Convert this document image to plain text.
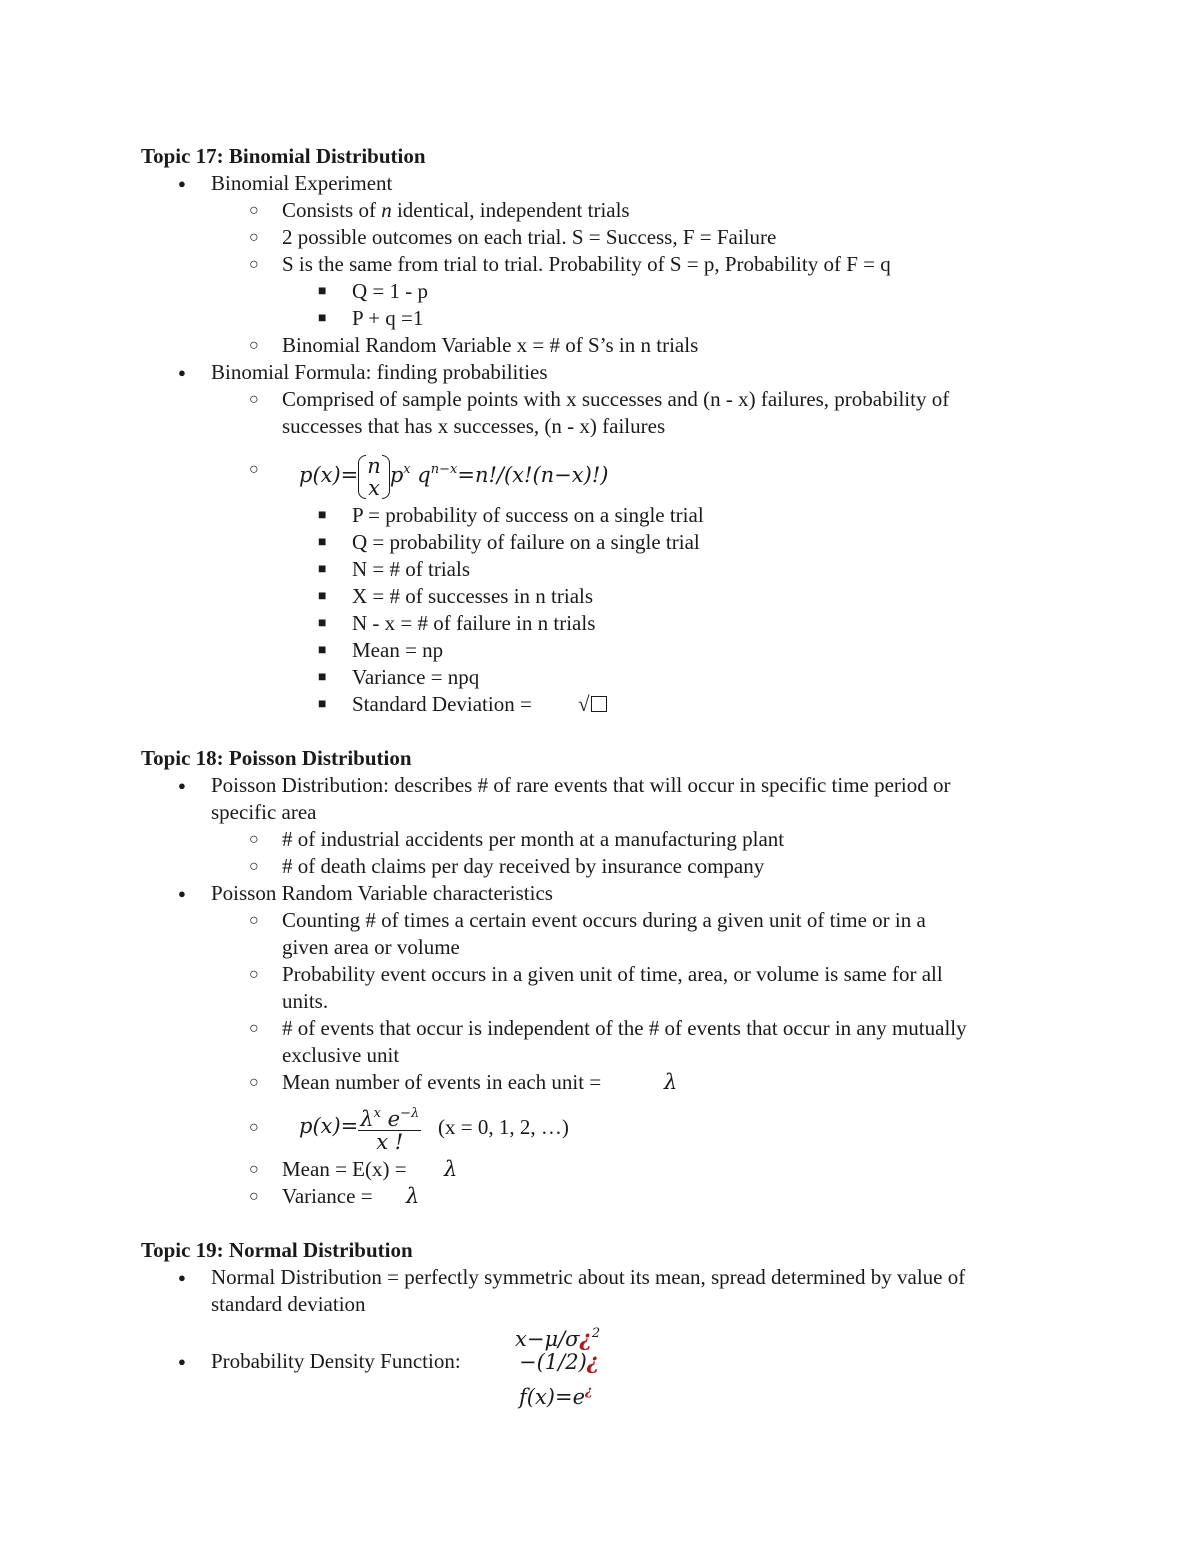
Topic 17: Binomial Distribution
● Binomial Experiment
○ Consists of n identical, independent trials
○ 2 possible outcomes on each trial. S = Success, F = Failure
○ S is the same from trial to trial. Probability of S = p, Probability of F = q
■ Q = 1 - p
■ P + q =1
○ Binomial Random Variable x = # of S’s in n trials
● Binomial Formula: finding probabilities
○ Comprised of sample points with x successes and (n - x) failures, probability of
successes that has x successes, (n - x) failures
○ p(x)= n
x
$p^x$ $q^{n-x}=n!/(x!(n-x)!)$
■ P = probability of success on a single trial
■ Q = probability of failure on a single trial
■ N = # of trials
■ X = # of successes in n trials
■ N - x = # of failure in n trials
■ Mean = np
■ Variance = npq
■ Standard Deviation = √
Topic 18: Poisson Distribution
● Poisson Distribution: describes # of rare events that will occur in specific time period or
specific area
○ # of industrial accidents per month at a manufacturing plant
○ # of death claims per day received by insurance company
● Poisson Random Variable characteristics
○ Counting # of times a certain event occurs during a given unit of time or in a
given area or volume
○ Probability event occurs in a given unit of time, area, or volume is same for all
units.
○ # of events that occur is independent of the # of events that occur in any mutually
exclusive unit
○ Mean number of events in each unit =	λ
○ $p(x)= \frac{\lambda^x e^{-\lambda}}{x !} (x = 0$, 1, 2, …)
○ Mean = E(x) = λ
○ Variance = λ
Topic 19: Normal Distribution
● Normal Distribution = perfectly symmetric about its mean, spread determined by value of
standard deviation
x−μ/σ¿$^2$
● Probability Density Function:	−(1/2)¿
f(x)=e¿
